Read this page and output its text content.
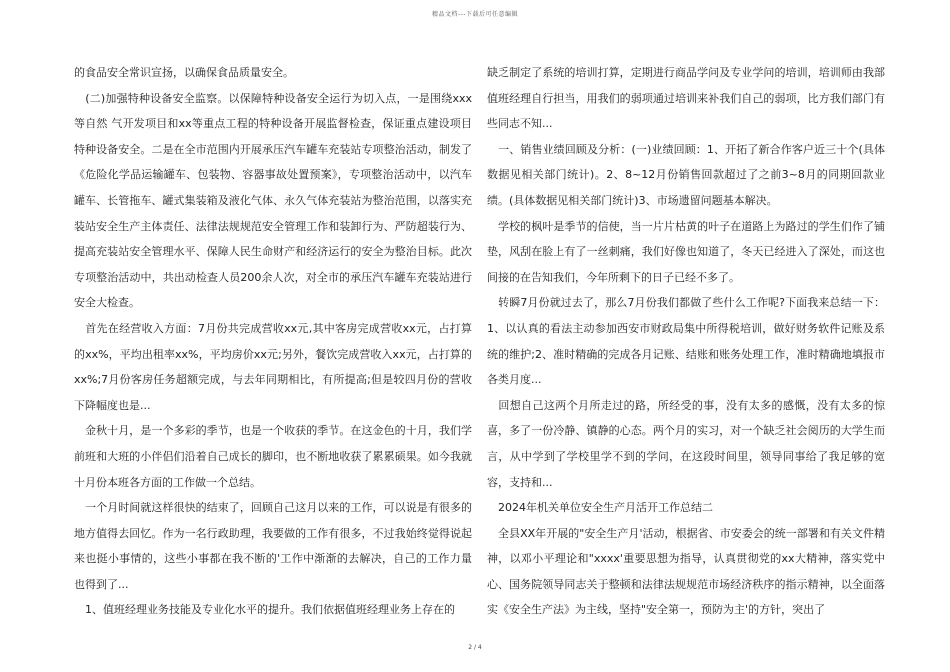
精品文档---下载后可任意编辑

的食品安全常识宣扬，以确保食品质量安全。

　(二)加强特种设备安全监察。以保障特种设备安全运行为切入点，一是围绕xxx等自然 气开发项目和xx等重点工程的特种设备开展监督检查，保证重点建设项目特种设备安全。二是在全市范围内开展承压汽车罐车充装站专项整治活动，制发了《危险化学品运输罐车、包装物、容器事故处置预案》，专项整治活动中，以汽车罐车、长管拖车、罐式集装箱及液化气体、永久气体充装站为整治范围，以落实充装站安全生产主体责任、法律法规规范安全管理工作和装卸行为、严防超装行为、提高充装站安全管理水平、保障人民生命财产和经济运行的安全为整治目标。此次专项整治活动中，共出动检查人员200余人次，对全市的承压汽车罐车充装站进行安全大检查。

　首先在经营收入方面：7月份共完成营收xx元,其中客房完成营收xx元，占打算的xx%，平均出租率xx%，平均房价xx元;另外，餐饮完成营收入xx元，占打算的xx%;7月份客房任务超额完成，与去年同期相比，有所提高;但是较四月份的营收下降幅度也是...

　金秋十月，是一个多彩的季节，也是一个收获的季节。在这金色的十月，我们学前班和大班的小伴侣们沿着自己成长的脚印，也不断地收获了累累硕果。如今我就十月份本班各方面的工作做一个总结。

　一个月时间就这样很快的结束了，回顾自己这月以来的工作，可以说是有很多的地方值得去回忆。作为一名行政助理，我要做的工作有很多，不过我始终觉得说起来也挺小事情的，这些小事都在我不断的'工作中渐渐的去解决，自己的工作力量也得到了...

　1、值班经理业务技能及专业化水平的提升。我们依据值班经理业务上存在的

缺乏制定了系统的培训打算，定期进行商品学问及专业学问的培训，培训师由我部值班经理自行担当，用我们的弱项通过培训来补我们自己的弱项，比方我们部门有些同志不知...

　一、销售业绩回顾及分析：(一)业绩回顾：1、开拓了新合作客户近三十个(具体数据见相关部门统计)。2、8~12月份销售回款超过了之前3~8月的同期回款业绩。(具体数据见相关部门统计)3、市场遗留问题基本解决。

　学校的枫叶是季节的信使，当一片片枯黄的叶子在道路上为路过的学生们作了铺垫，风刮在脸上有了一丝刺痛，我们好像也知道了，冬天已经进入了深处，而这也间接的在告知我们，今年所剩下的日子已经不多了。

　转瞬7月份就过去了，那么7月份我们都做了些什么工作呢?下面我来总结一下：1、以认真的看法主动参加西安市财政局集中所得税培训，做好财务软件记账及系统的维护;2、准时精确的完成各月记账、结账和账务处理工作，准时精确地填报市各类月度...

　回想自己这两个月所走过的路，所经受的事，没有太多的感慨，没有太多的惊喜，多了一份冷静、镇静的心态。两个月的实习，对一个缺乏社会阅历的大学生而言，从中学到了学校里学不到的学问，在这段时间里，领导同事给了我足够的宽容，支持和...

　2024年机关单位安全生产月活开工作总结二

　全县XX年开展的"安全生产月'活动，根据省、市安委会的统一部署和有关文件精神，以邓小平理论和"xxxx'重要思想为指导，认真贯彻党的xx大精神，落实党中心、国务院领导同志关于整顿和法律法规规范市场经济秩序的指示精神，以全面落实《安全生产法》为主线，坚持"安全第一，预防为主'的方针，突出了

2 / 4
